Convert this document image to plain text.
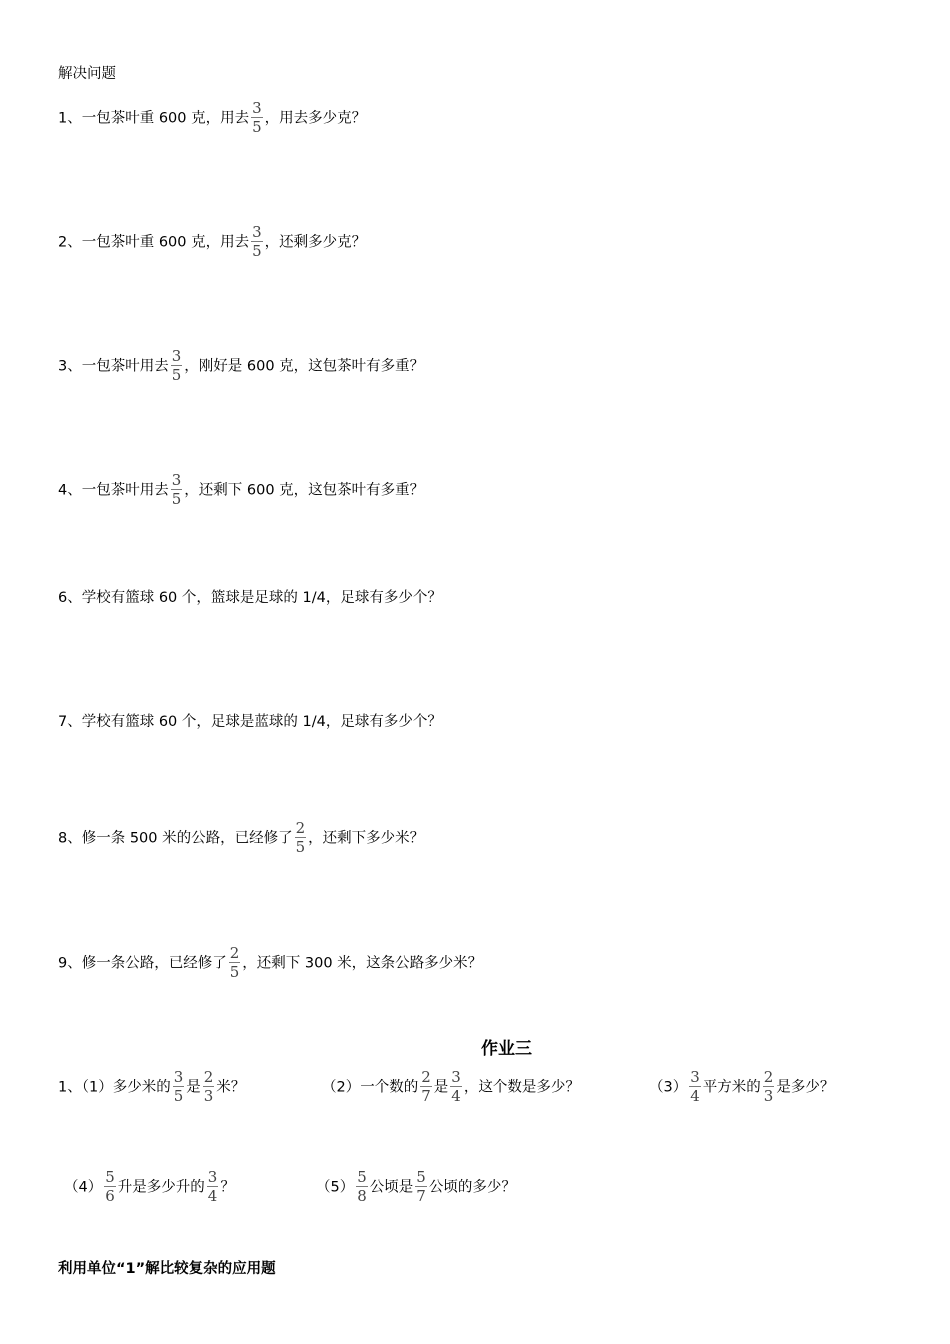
解决问题
1、一包茶叶重 600 克，用去 $\frac{3}{5}$ ，用去多少克？
2、一包茶叶重 600 克，用去 $\frac{3}{5}$ ，还剩多少克？
3、一包茶叶用去 $\frac{3}{5}$ ，刚好是 600 克，这包茶叶有多重？
4、一包茶叶用去 $\frac{3}{5}$ ，还剩下 600 克，这包茶叶有多重？
6、学校有篮球 60 个，篮球是足球的 1/4，足球有多少个？
7、学校有篮球 60 个，足球是蓝球的 1/4，足球有多少个？
8、修一条 500 米的公路，已经修了 $\frac{2}{5}$ ，还剩下多少米？
9、修一条公路，已经修了 $\frac{2}{5}$ ，还剩下 300 米，这条公路多少米？
作业三
1、（1）多少米的 $\frac{3}{5}$ 是 $\frac{2}{3}$ 米？	（2）一个数的 $\frac{2}{7}$ 是 $\frac{3}{4}$ ，这个数是多少？	$(3) \frac{3}{4}$ 平方米的 $\frac{2}{3}$ 是多少？
$(4) \frac{5}{6}$ 升是多少升的 $\frac{3}{4}$ ？	$(5) \frac{5}{8}$ 公顷是 $\frac{5}{7}$ 公顷的多少？
利用单位“1”解比较复杂的应用题
